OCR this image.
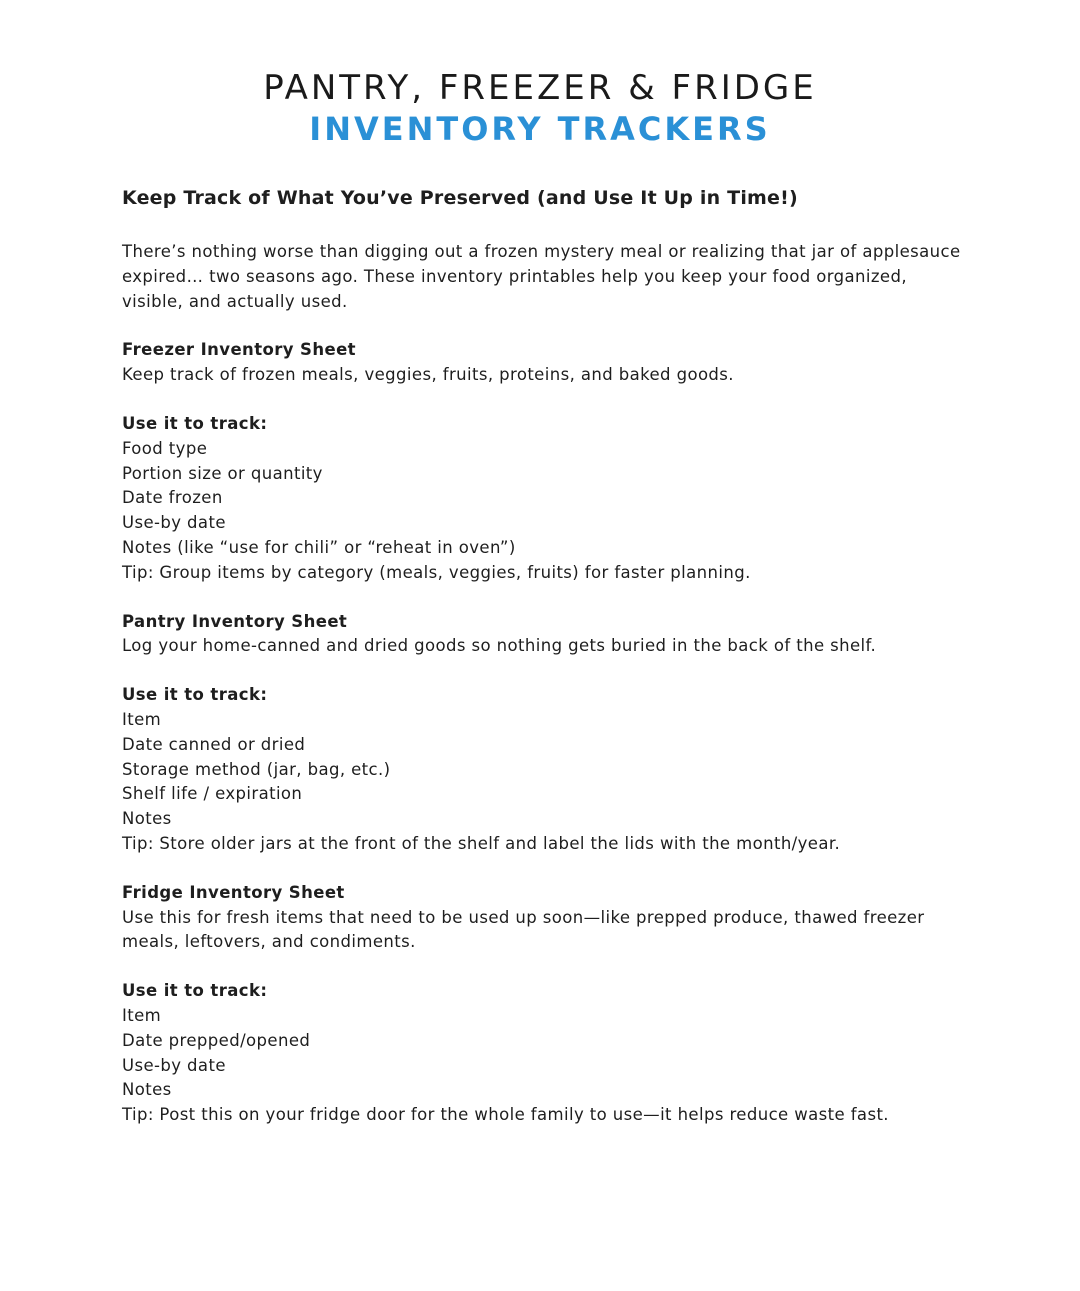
PANTRY, FREEZER & FRIDGE
INVENTORY TRACKERS
Keep Track of What You’ve Preserved (and Use It Up in Time!)
There’s nothing worse than digging out a frozen mystery meal or realizing that jar of applesauce expired… two seasons ago. These inventory printables help you keep your food organized, visible, and actually used.
Freezer Inventory Sheet
Keep track of frozen meals, veggies, fruits, proteins, and baked goods.
Use it to track:
Food type
Portion size or quantity
Date frozen
Use-by date
Notes (like “use for chili” or “reheat in oven”)
Tip: Group items by category (meals, veggies, fruits) for faster planning.
Pantry Inventory Sheet
Log your home-canned and dried goods so nothing gets buried in the back of the shelf.
Use it to track:
Item
Date canned or dried
Storage method (jar, bag, etc.)
Shelf life / expiration
Notes
Tip: Store older jars at the front of the shelf and label the lids with the month/year.
Fridge Inventory Sheet
Use this for fresh items that need to be used up soon—like prepped produce, thawed freezer meals, leftovers, and condiments.
Use it to track:
Item
Date prepped/opened
Use-by date
Notes
Tip: Post this on your fridge door for the whole family to use—it helps reduce waste fast.
